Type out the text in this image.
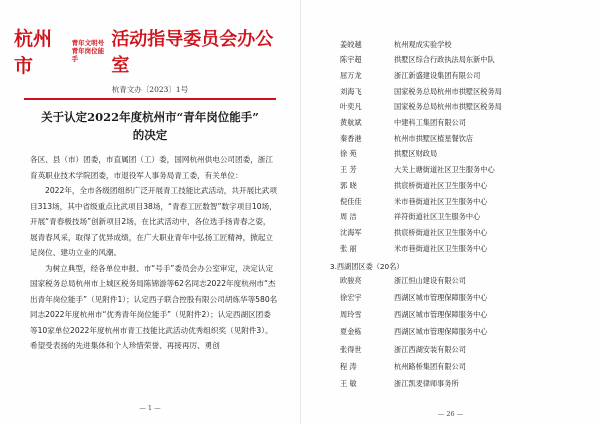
杭州市
青年文明号
青年岗位能手
活动指导委员会办公室
杭青文办〔2023〕1号
关于认定2022年度杭州市“青年岗位能手”
的决定

各区、县（市）团委，市直属团（工）委，国网杭州供电公司团委，浙江育英职业技术学院团委，市退役军人事务局青工委，有关单位：

2022年，全市各级团组织广泛开展青工技能比武活动，共开展比武项目313场，其中省级重点比武项目38场，“青春工匠数智”数字项目10场，开展“青春极技场”创新项目2场，在比武活动中，各位选手扬青春之姿，展青春风采，取得了优异成绩，在广大职业青年中弘扬工匠精神，掀起立足岗位、建功立业的风潮。

为树立典型，经各单位申报、市“号手”委员会办公室审定，决定认定国家税务总局杭州市上城区税务局陈锦游等62名同志2022年度杭州市“杰出青年岗位能手”（见附件1）；认定西子联合控股有限公司胡炼华等580名同志2022年度杭州市“优秀青年岗位能手”（见附件2）；认定西湖区团委等10家单位2022年度杭州市青工技能比武活动优秀组织奖（见附件3）。希望受表扬的先进集体和个人珍惜荣誉、再接再厉、勇创

— 1 —
姜皎越	杭州观成实验学校
陈宇超	拱墅区综合行政执法局东新中队
屈万龙	浙江新盛建设集团有限公司
刘海飞	国家税务总局杭州市拱墅区税务局
叶奕凡	国家税务总局杭州市拱墅区税务局
黄航斌	中建科工集团有限公司
秦香港	杭州市拱墅区植星餐饮店
徐 苑	拱墅区财政局
王 芳	大关上塘街道社区卫生服务中心
郭 晓	拱宸桥街道社区卫生服务中心
倪佳佳	米市巷街道社区卫生服务中心
周 洁	祥符街道社区卫生服务中心
沈海军	拱宸桥街道社区卫生服务中心
张 丽	米市巷街道社区卫生服务中心
3.西湖团区委（20名）
欧骏亮	浙江恒山建设有限公司
徐宏宇	西湖区城市管理保障服务中心
周玲雪	西湖区城市管理保障服务中心
夏金栋	西湖区城市管理保障服务中心
张得世	浙江西湖安装有限公司
程 涛	杭州路桥集团有限公司
王 敏	浙江凯麦律师事务所
— 26 —
